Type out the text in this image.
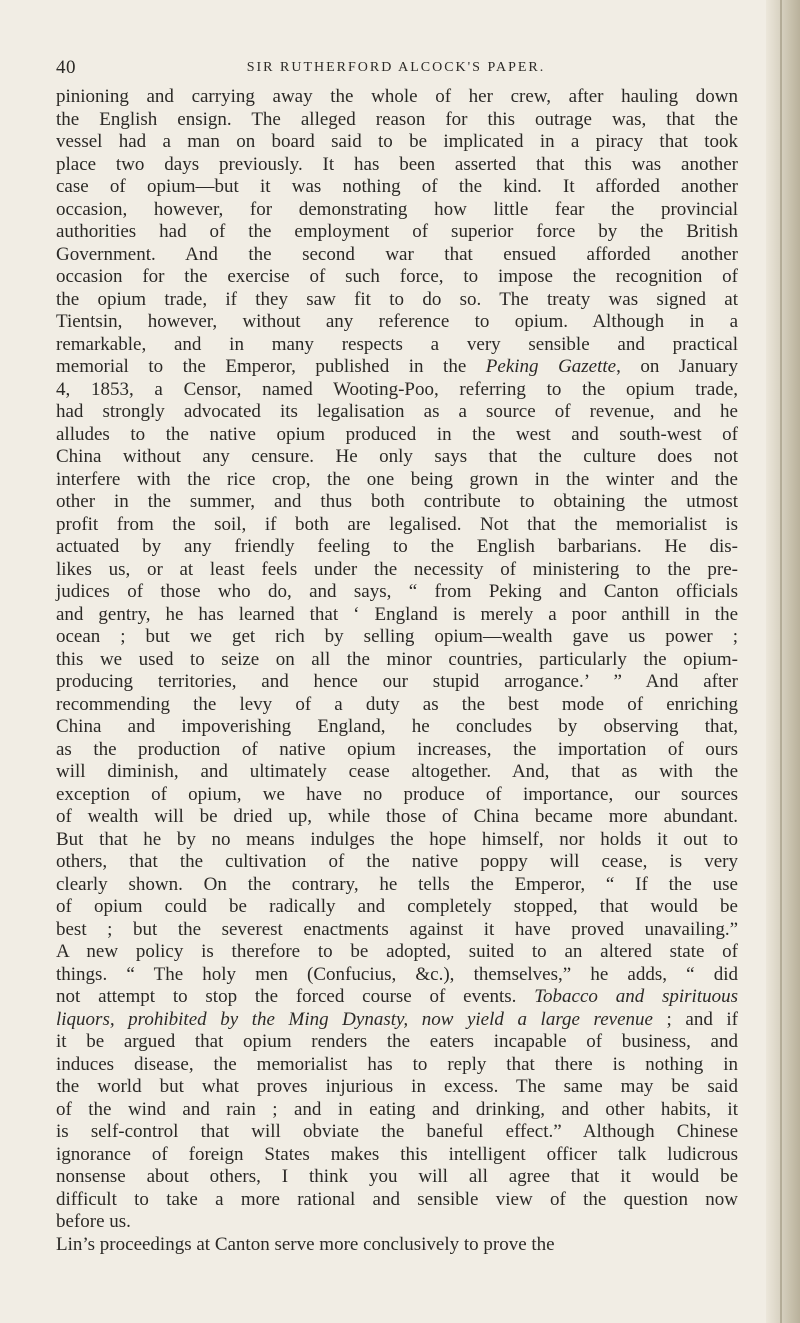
40	SIR RUTHERFORD ALCOCK'S PAPER.
pinioning and carrying away the whole of her crew, after hauling down
the English ensign. The alleged reason for this outrage was, that the
vessel had a man on board said to be implicated in a piracy that took
place two days previously. It has been asserted that this was another
case of opium—but it was nothing of the kind. It afforded another
occasion, however, for demonstrating how little fear the provincial
authorities had of the employment of superior force by the British
Government. And the second war that ensued afforded another
occasion for the exercise of such force, to impose the recognition of
the opium trade, if they saw fit to do so. The treaty was signed at
Tientsin, however, without any reference to opium. Although in a
remarkable, and in many respects a very sensible and practical
memorial to the Emperor, published in the Peking Gazette, on January
4, 1853, a Censor, named Wooting-Poo, referring to the opium trade,
had strongly advocated its legalisation as a source of revenue, and he
alludes to the native opium produced in the west and south-west of
China without any censure. He only says that the culture does not
interfere with the rice crop, the one being grown in the winter and the
other in the summer, and thus both contribute to obtaining the utmost
profit from the soil, if both are legalised. Not that the memorialist is
actuated by any friendly feeling to the English barbarians. He dis-
likes us, or at least feels under the necessity of ministering to the pre-
judices of those who do, and says, “ from Peking and Canton officials
and gentry, he has learned that ‘ England is merely a poor anthill in the
ocean ; but we get rich by selling opium—wealth gave us power ;
this we used to seize on all the minor countries, particularly the opium-
producing territories, and hence our stupid arrogance.’ ” And after
recommending the levy of a duty as the best mode of enriching
China and impoverishing England, he concludes by observing that,
as the production of native opium increases, the importation of ours
will diminish, and ultimately cease altogether. And, that as with the
exception of opium, we have no produce of importance, our sources
of wealth will be dried up, while those of China became more abundant.
But that he by no means indulges the hope himself, nor holds it out to
others, that the cultivation of the native poppy will cease, is very
clearly shown. On the contrary, he tells the Emperor, “ If the use
of opium could be radically and completely stopped, that would be
best ; but the severest enactments against it have proved unavailing.”
A new policy is therefore to be adopted, suited to an altered state of
things. “ The holy men (Confucius, &c.), themselves,” he adds, “ did
not attempt to stop the forced course of events. Tobacco and spirituous
liquors, prohibited by the Ming Dynasty, now yield a large revenue ; and if
it be argued that opium renders the eaters incapable of business, and
induces disease, the memorialist has to reply that there is nothing in
the world but what proves injurious in excess. The same may be said
of the wind and rain ; and in eating and drinking, and other habits, it
is self-control that will obviate the baneful effect.” Although Chinese
ignorance of foreign States makes this intelligent officer talk ludicrous
nonsense about others, I think you will all agree that it would be
difficult to take a more rational and sensible view of the question now
before us.
Lin’s proceedings at Canton serve more conclusively to prove the
